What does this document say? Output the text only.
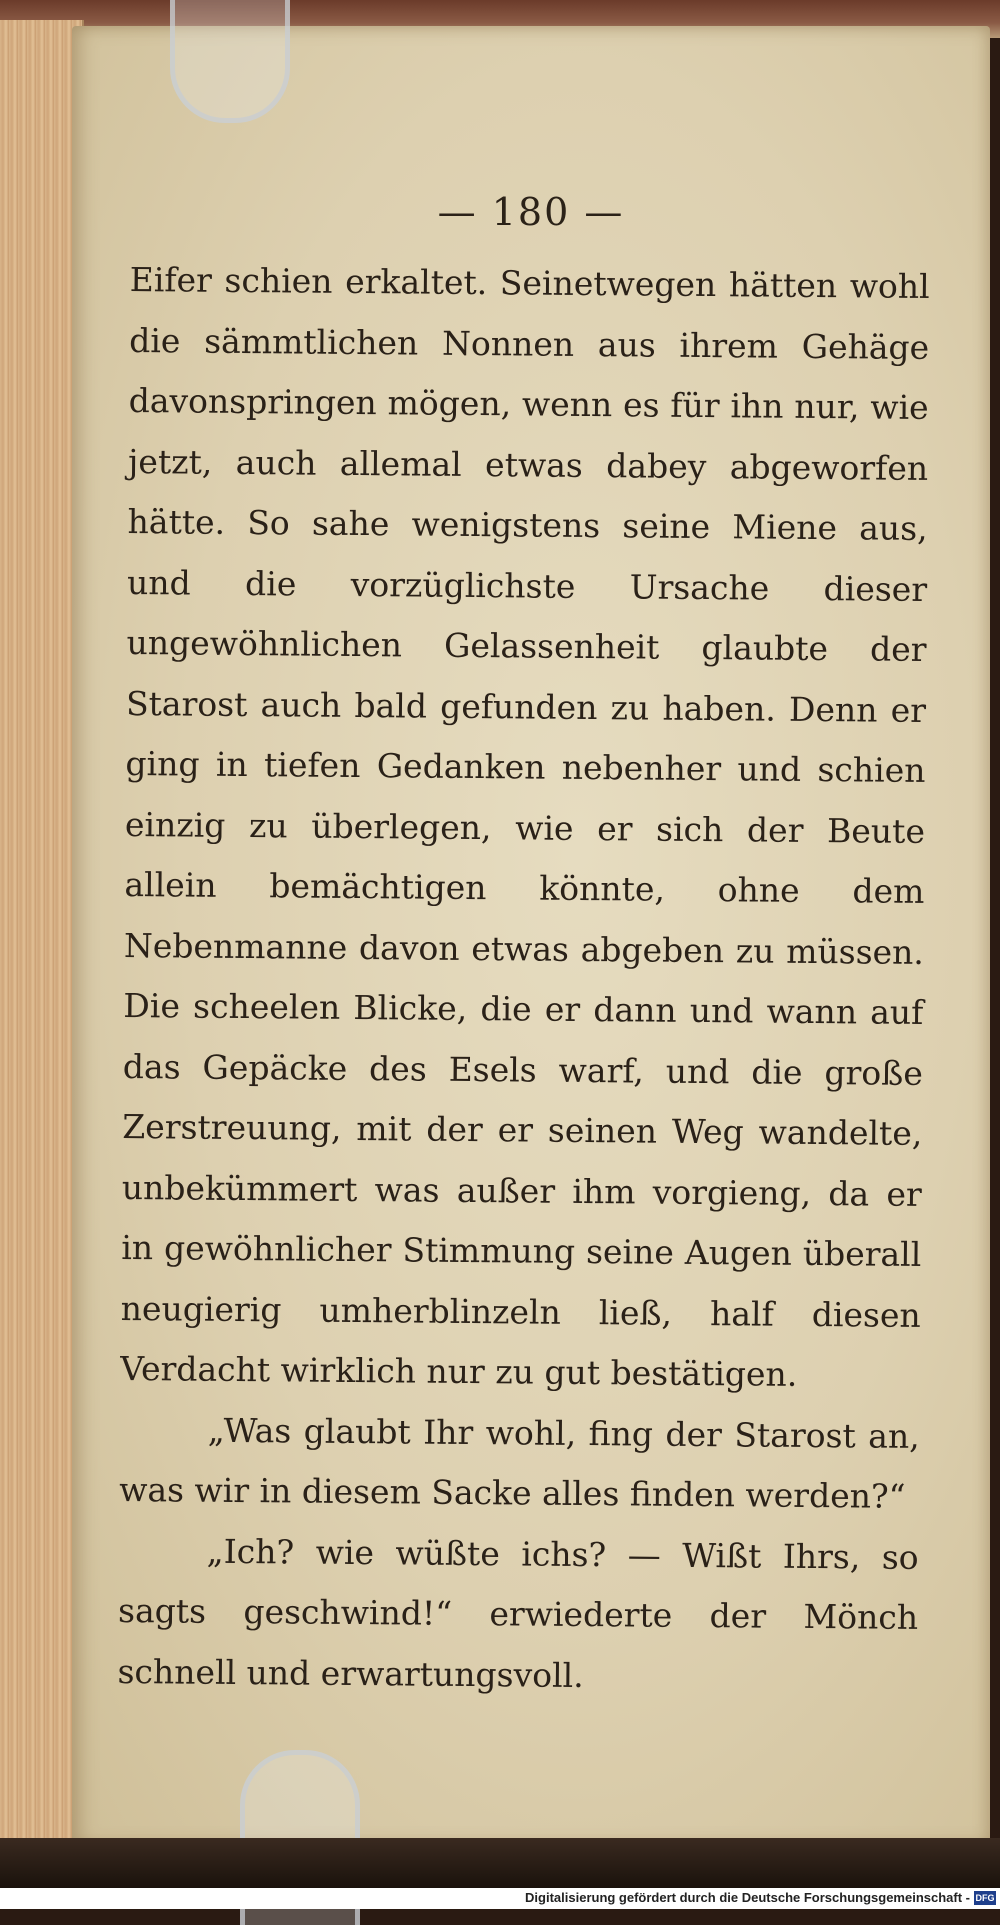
— 180 —

Eifer schien erkaltet. Seinetwegen hätten wohl die sämmtlichen Nonnen aus ihrem Gehäge davonspringen mögen, wenn es für ihn nur, wie jetzt, auch allemal etwas dabey abgeworfen hätte. So sahe wenigstens seine Miene aus, und die vorzüglichste Ursache dieser ungewöhnlichen Gelassenheit glaubte der Starost auch bald gefunden zu haben. Denn er ging in tiefen Gedanken nebenher und schien einzig zu überlegen, wie er sich der Beute allein bemächtigen könnte, ohne dem Nebenmanne davon etwas abgeben zu müssen. Die scheelen Blicke, die er dann und wann auf das Gepäcke des Esels warf, und die große Zerstreuung, mit der er seinen Weg wandelte, unbekümmert was außer ihm vorgieng, da er in gewöhnlicher Stimmung seine Augen überall neugierig umherblinzeln ließ, half diesen Verdacht wirklich nur zu gut bestätigen.

„Was glaubt Ihr wohl, fing der Starost an, was wir in diesem Sacke alles finden werden?“

„Ich? wie wüßte ichs? — Wißt Ihrs, so sagts geschwind!“ erwiederte der Mönch schnell und erwartungsvoll.

Digitalisierung gefördert durch die Deutsche Forschungsgemeinschaft - DFG
